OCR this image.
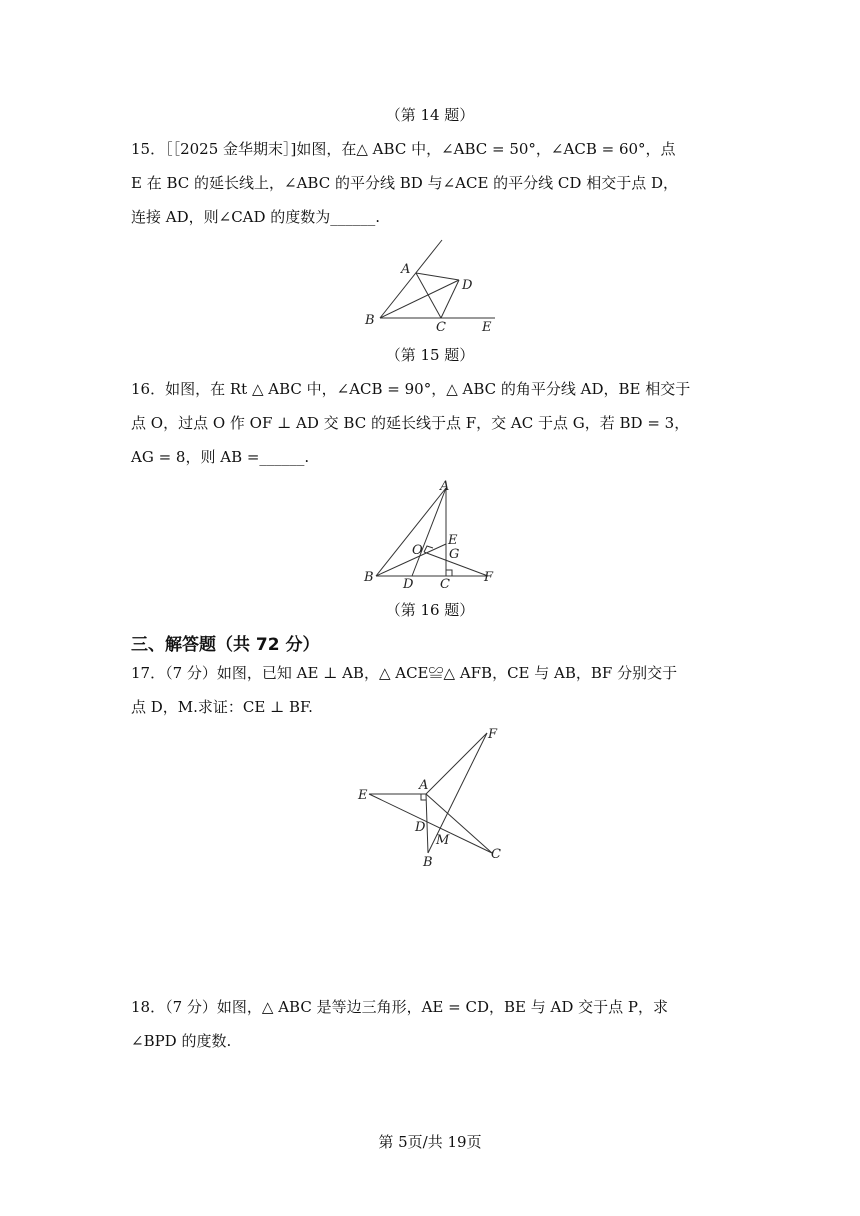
（第 14 题）
15．［［2025 金华期末］]如图，在△ ABC 中，∠ABC = 50°，∠ACB = 60°，点
E 在 BC 的延长线上，∠ABC 的平分线 BD 与∠ACE 的平分线 CD 相交于点 D，
连接 AD，则∠CAD 的度数为______.
A
B	C
D
E
（第 15 题）
16．如图，在 Rt △ ABC 中，∠ACB = 90°，△ ABC 的角平分线 AD，BE 相交于
点 O，过点 O 作 OF ⊥ AD 交 BC 的延长线于点 F，交 AC 于点 G，若 BD = 3，
AG = 8，则 AB =______.
A
B	C
D
E
F
G
O
（第 16 题）
三、解答题（共 72 分）
17．（7 分）如图，已知 AE ⊥ AB，△ ACE≌△ AFB，CE 与 AB，BF 分别交于
点 D，M.求证：CE ⊥ BF.
A
B
C
D
E
F
M
18．（7 分）如图，△ ABC 是等边三角形，AE = CD，BE 与 AD 交于点 P，求
∠BPD 的度数.
第 5页/共 19页
